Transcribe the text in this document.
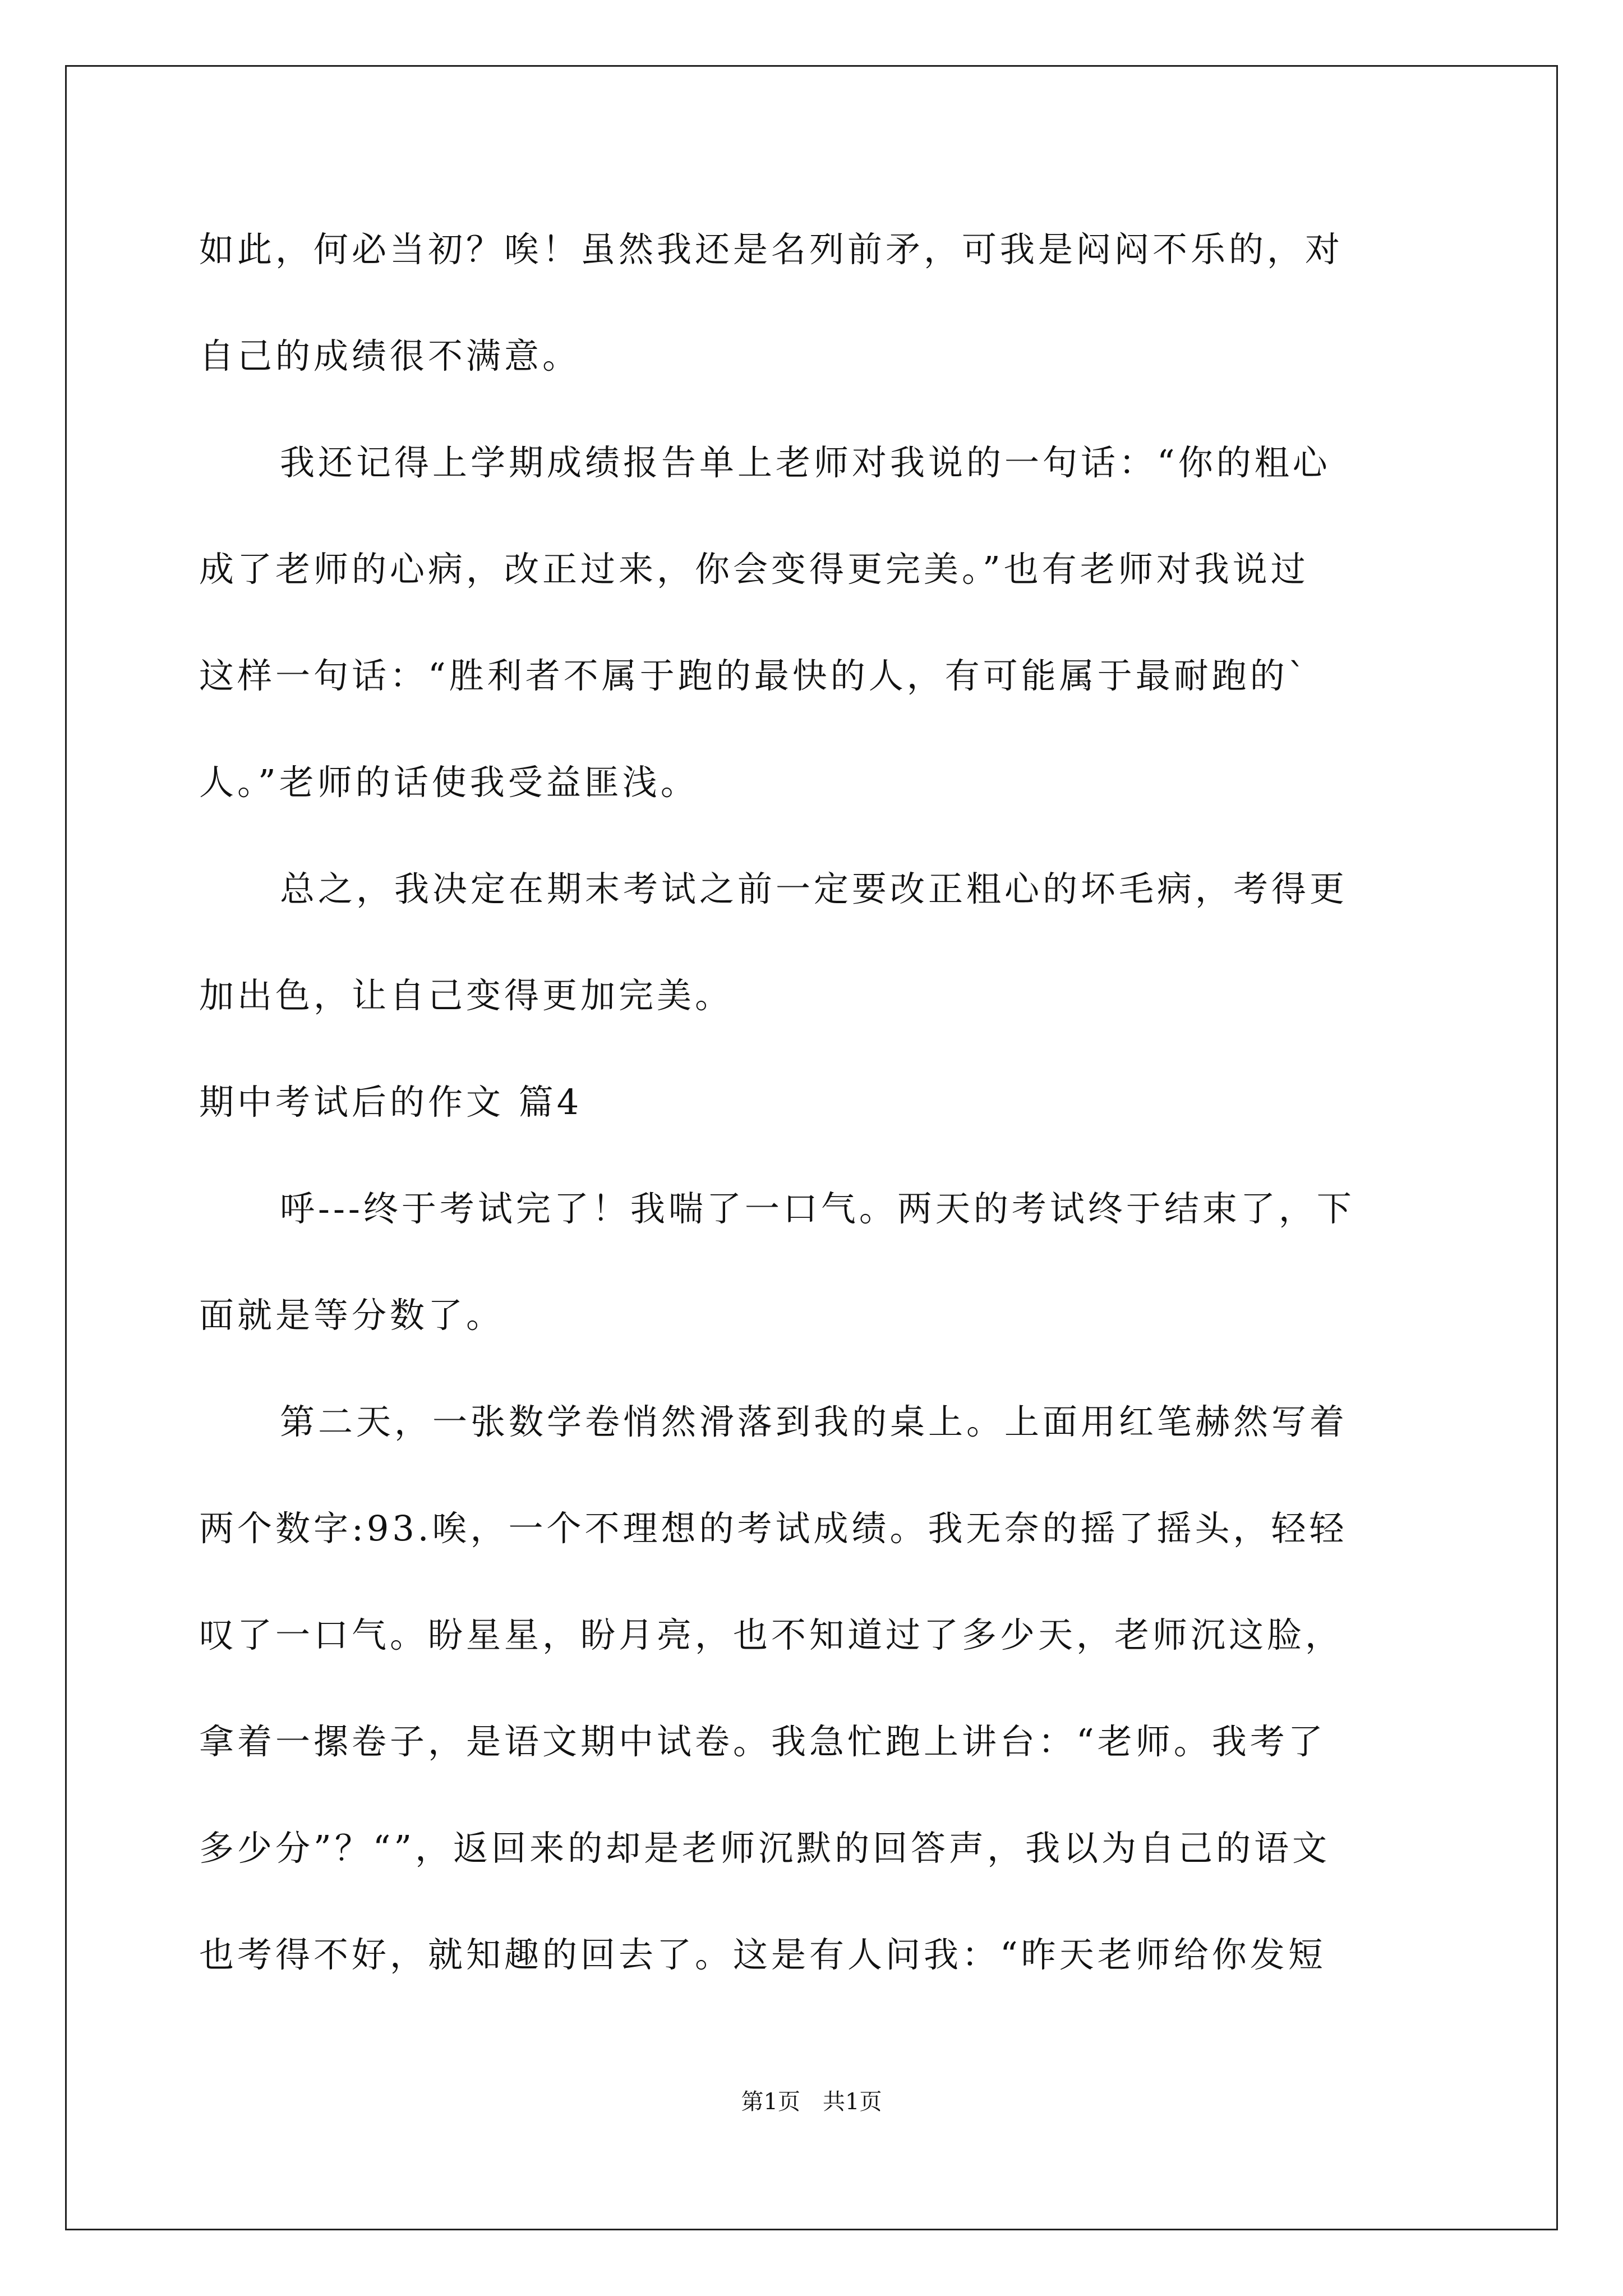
如此，何必当初？唉！虽然我还是名列前矛，可我是闷闷不乐的，对
自己的成绩很不满意。
我还记得上学期成绩报告单上老师对我说的一句话：“你的粗心
成了老师的心病，改正过来，你会变得更完美。”也有老师对我说过
这样一句话：“胜利者不属于跑的最快的人，有可能属于最耐跑的`
人。”老师的话使我受益匪浅。
总之，我决定在期末考试之前一定要改正粗心的坏毛病，考得更
加出色，让自己变得更加完美。
期中考试后的作文 篇4
呼---终于考试完了！我喘了一口气。两天的考试终于结束了，下
面就是等分数了。
第二天，一张数学卷悄然滑落到我的桌上。上面用红笔赫然写着
两个数字:93.唉，一个不理想的考试成绩。我无奈的摇了摇头，轻轻
叹了一口气。盼星星，盼月亮，也不知道过了多少天，老师沉这脸，
拿着一摞卷子，是语文期中试卷。我急忙跑上讲台：“老师。我考了
多少分”？“”，返回来的却是老师沉默的回答声，我以为自己的语文
也考得不好，就知趣的回去了。这是有人问我：“昨天老师给你发短
第1页　共1页
